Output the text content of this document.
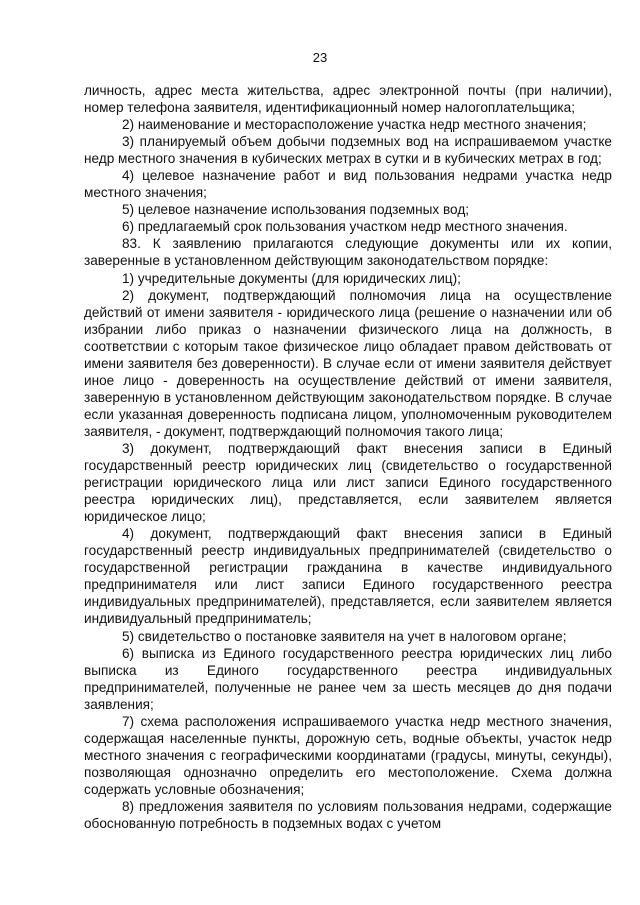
23

личность, адрес места жительства, адрес электронной почты (при наличии), номер телефона заявителя, идентификационный номер налогоплательщика;

2) наименование и месторасположение участка недр местного значения;

3) планируемый объем добычи подземных вод на испрашиваемом участке недр местного значения в кубических метрах в сутки и в кубических метрах в год;

4) целевое назначение работ и вид пользования недрами участка недр местного значения;

5) целевое назначение использования подземных вод;

6) предлагаемый срок пользования участком недр местного значения.

83. К заявлению прилагаются следующие документы или их копии, заверенные в установленном действующим законодательством порядке:

1) учредительные документы (для юридических лиц);

2) документ, подтверждающий полномочия лица на осуществление действий от имени заявителя - юридического лица (решение о назначении или об избрании либо приказ о назначении физического лица на должность, в соответствии с которым такое физическое лицо обладает правом действовать от имени заявителя без доверенности). В случае если от имени заявителя действует иное лицо - доверенность на осуществление действий от имени заявителя, заверенную в установленном действующим законодательством порядке. В случае если указанная доверенность подписана лицом, уполномоченным руководителем заявителя, - документ, подтверждающий полномочия такого лица;

3) документ, подтверждающий факт внесения записи в Единый государственный реестр юридических лиц (свидетельство о государственной регистрации юридического лица или лист записи Единого государственного реестра юридических лиц), представляется, если заявителем является юридическое лицо;

4) документ, подтверждающий факт внесения записи в Единый государственный реестр индивидуальных предпринимателей (свидетельство о государственной регистрации гражданина в качестве индивидуального предпринимателя или лист записи Единого государственного реестра индивидуальных предпринимателей), представляется, если заявителем является индивидуальный предприниматель;

5) свидетельство о постановке заявителя на учет в налоговом органе;

6) выписка из Единого государственного реестра юридических лиц либо выписка из Единого государственного реестра индивидуальных предпринимателей, полученные не ранее чем за шесть месяцев до дня подачи заявления;

7) схема расположения испрашиваемого участка недр местного значения, содержащая населенные пункты, дорожную сеть, водные объекты, участок недр местного значения с географическими координатами (градусы, минуты, секунды), позволяющая однозначно определить его местоположение. Схема должна содержать условные обозначения;

8) предложения заявителя по условиям пользования недрами, содержащие обоснованную потребность в подземных водах с учетом
